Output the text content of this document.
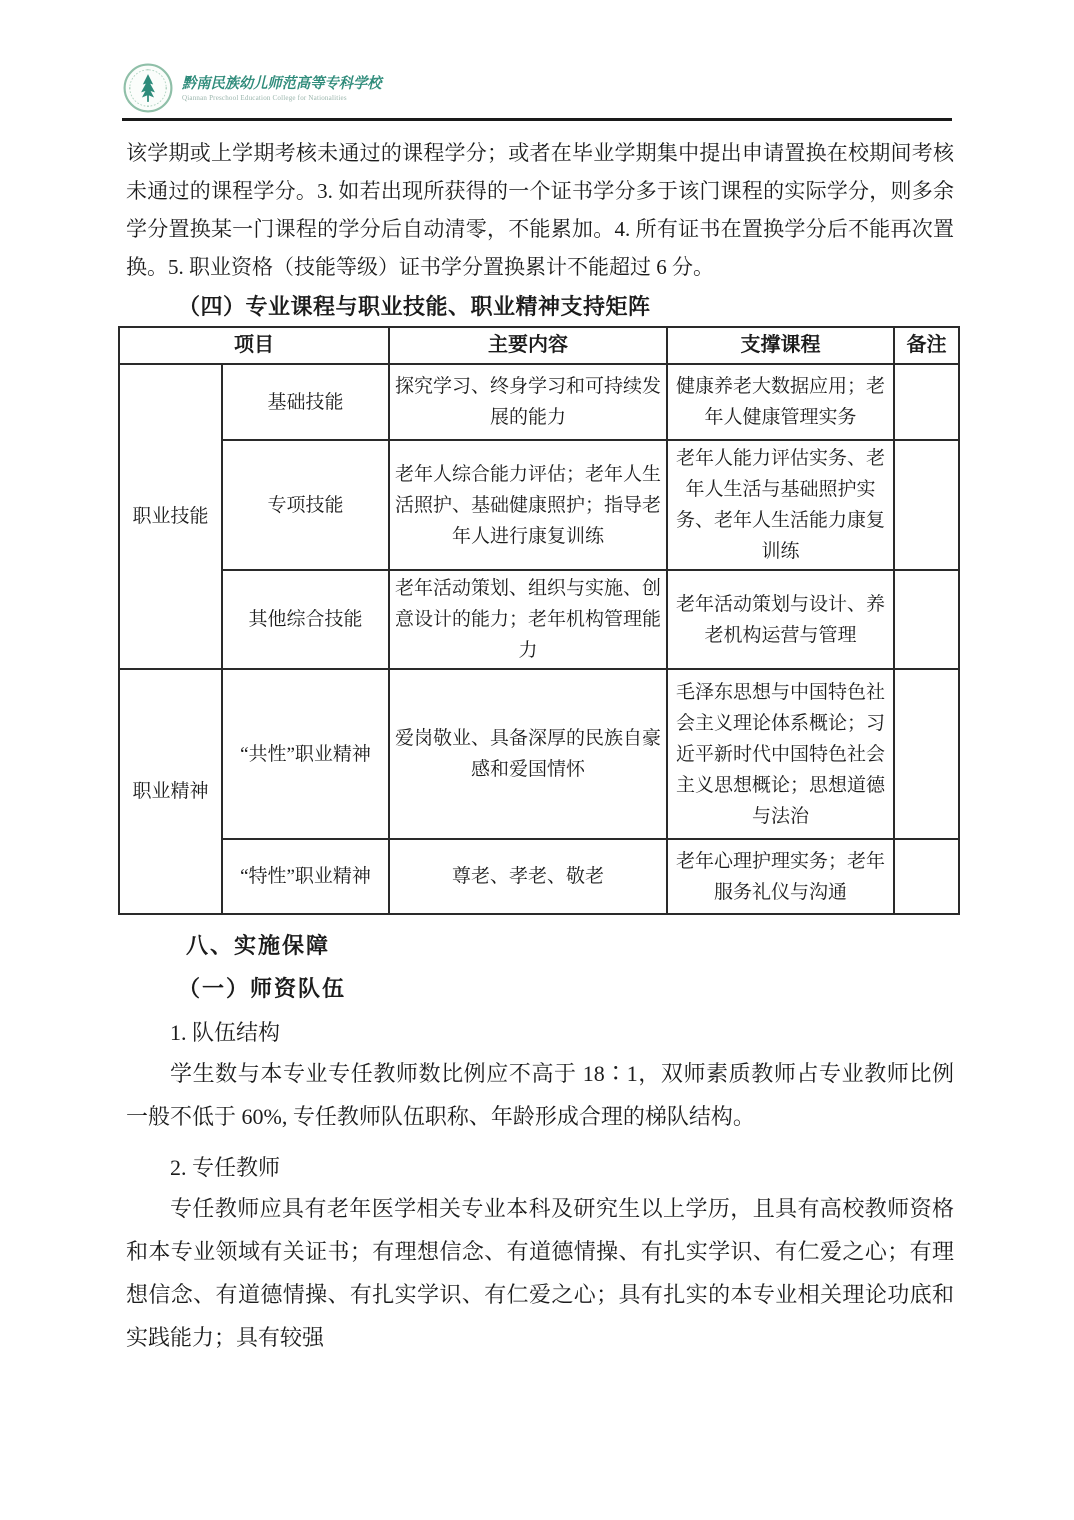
黔南民族幼儿师范高等专科学校
Qiannan Preschool Education College for Nationalities

该学期或上学期考核未通过的课程学分；或者在毕业学期集中提出申请置换在校期间考核未通过的课程学分。3. 如若出现所获得的一个证书学分多于该门课程的实际学分，则多余学分置换某一门课程的学分后自动清零，不能累加。4. 所有证书在置换学分后不能再次置换。5. 职业资格（技能等级）证书学分置换累计不能超过 6 分。

（四）专业课程与职业技能、职业精神支持矩阵
项目		主要内容	支撑课程	备注
职业技能	基础技能	探究学习、终身学习和可持续发展的能力	健康养老大数据应用；老年人健康管理实务	
	专项技能	老年人综合能力评估；老年人生活照护、基础健康照护；指导老年人进行康复训练	老年人能力评估实务、老年人生活与基础照护实务、老年人生活能力康复训练	
	其他综合技能	老年活动策划、组织与实施、创意设计的能力；老年机构管理能力	老年活动策划与设计、养老机构运营与管理	
职业精神	“共性”职业精神	爱岗敬业、具备深厚的民族自豪感和爱国情怀	毛泽东思想与中国特色社会主义理论体系概论；习近平新时代中国特色社会主义思想概论；思想道德与法治	
	“特性”职业精神	尊老、孝老、敬老	老年心理护理实务；老年服务礼仪与沟通	
八、实施保障
（一）师资队伍

1. 队伍结构

学生数与本专业专任教师数比例应不高于 18∶1，双师素质教师占专业教师比例一般不低于 60%, 专任教师队伍职称、年龄形成合理的梯队结构。

2. 专任教师

专任教师应具有老年医学相关专业本科及研究生以上学历，且具有高校教师资格和本专业领域有关证书；有理想信念、有道德情操、有扎实学识、有仁爱之心；有理想信念、有道德情操、有扎实学识、有仁爱之心；具有扎实的本专业相关理论功底和实践能力；具有较强
